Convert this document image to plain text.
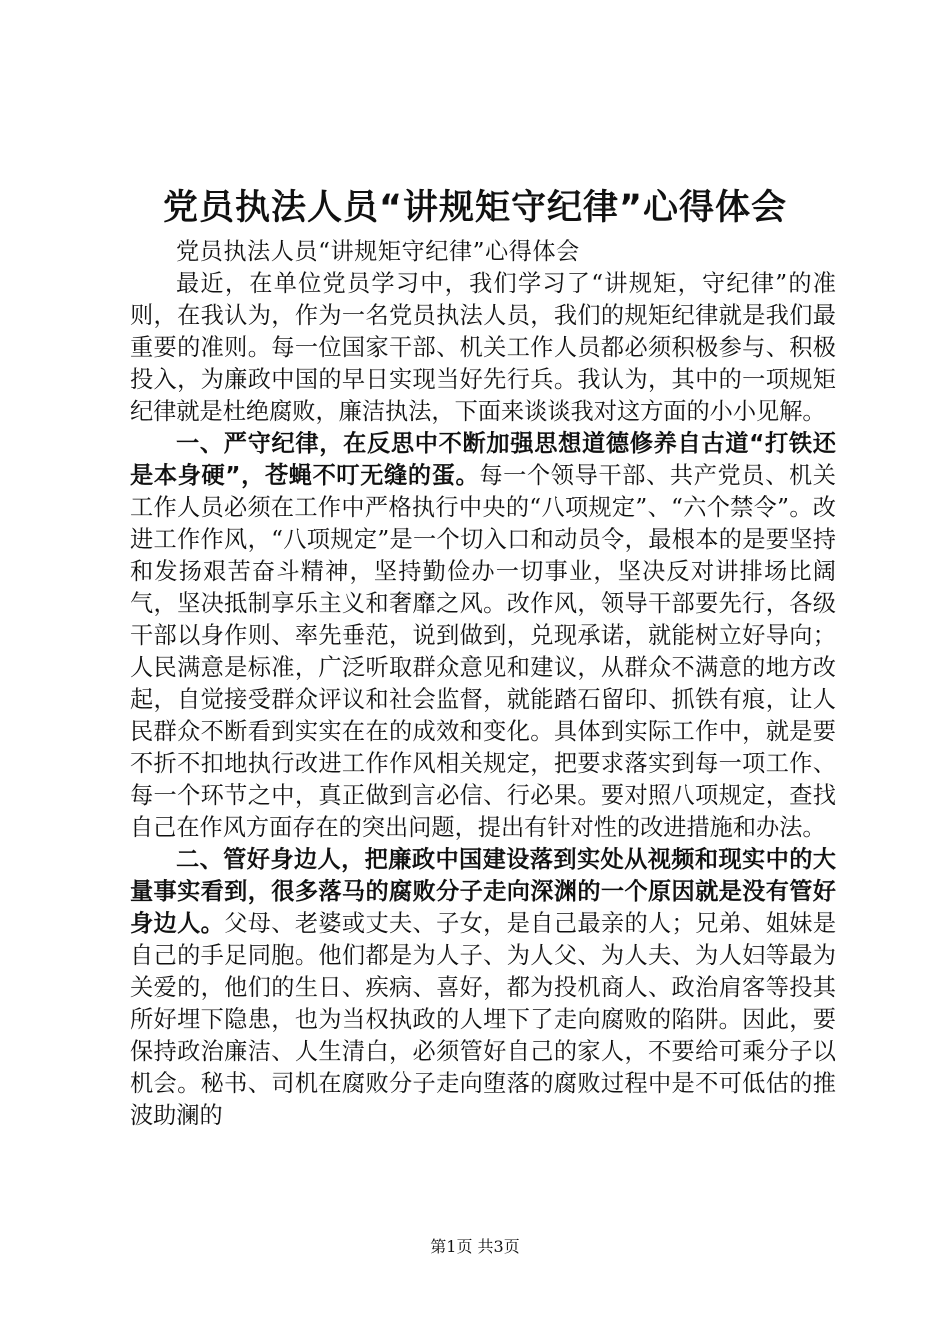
党员执法人员“讲规矩守纪律”心得体会

党员执法人员“讲规矩守纪律”心得体会

最近，在单位党员学习中，我们学习了“讲规矩，守纪律”的准则，在我认为，作为一名党员执法人员，我们的规矩纪律就是我们最重要的准则。每一位国家干部、机关工作人员都必须积极参与、积极投入，为廉政中国的早日实现当好先行兵。我认为，其中的一项规矩纪律就是杜绝腐败，廉洁执法，下面来谈谈我对这方面的小小见解。

一、严守纪律，在反思中不断加强思想道德修养自古道“打铁还是本身硬”，苍蝇不叮无缝的蛋。每一个领导干部、共产党员、机关工作人员必须在工作中严格执行中央的“八项规定”、“六个禁令”。改进工作作风，“八项规定”是一个切入口和动员令，最根本的是要坚持和发扬艰苦奋斗精神，坚持勤俭办一切事业，坚决反对讲排场比阔气，坚决抵制享乐主义和奢靡之风。改作风，领导干部要先行，各级干部以身作则、率先垂范，说到做到，兑现承诺，就能树立好导向；人民满意是标准，广泛听取群众意见和建议，从群众不满意的地方改起，自觉接受群众评议和社会监督，就能踏石留印、抓铁有痕，让人民群众不断看到实实在在的成效和变化。具体到实际工作中，就是要不折不扣地执行改进工作作风相关规定，把要求落实到每一项工作、每一个环节之中，真正做到言必信、行必果。要对照八项规定，查找自己在作风方面存在的突出问题，提出有针对性的改进措施和办法。

二、管好身边人，把廉政中国建设落到实处从视频和现实中的大量事实看到，很多落马的腐败分子走向深渊的一个原因就是没有管好身边人。父母、老婆或丈夫、子女，是自己最亲的人；兄弟、姐妹是自己的手足同胞。他们都是为人子、为人父、为人夫、为人妇等最为关爱的，他们的生日、疾病、喜好，都为投机商人、政治肩客等投其所好埋下隐患，也为当权执政的人埋下了走向腐败的陷阱。因此，要保持政治廉洁、人生清白，必须管好自己的家人，不要给可乘分子以机会。秘书、司机在腐败分子走向堕落的腐败过程中是不可低估的推波助澜的

第1页 共3页
